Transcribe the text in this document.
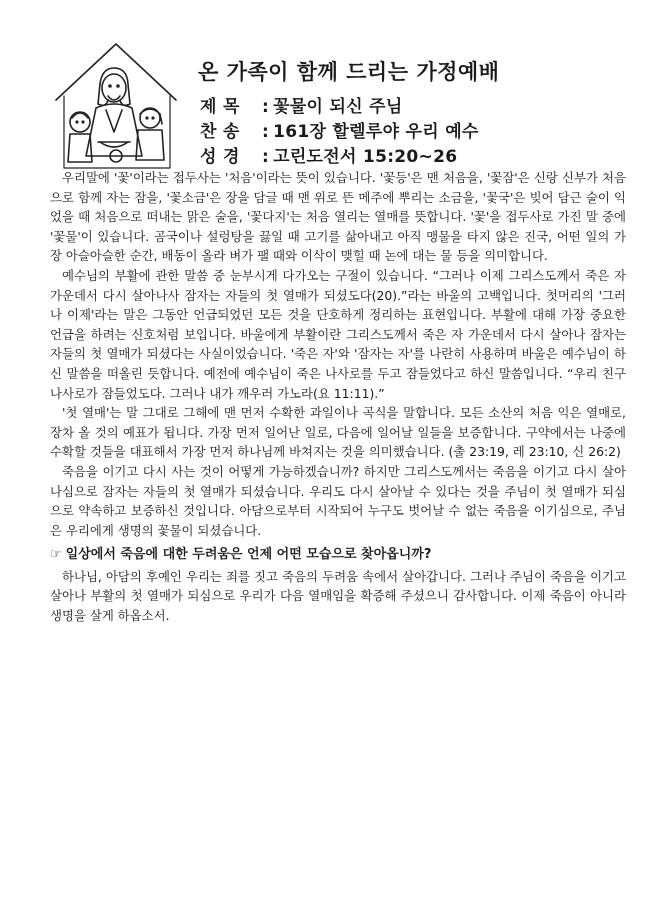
온 가족이 함께 드리는 가정예배
제 목 : 꽃물이 되신 주님
찬 송 : 161장 할렐루야 우리 예수
성 경 : 고린도전서 15:20~26

우리말에 '꽃'이라는 접두사는 '처음'이라는 뜻이 있습니다. '꽃등'은 맨 처음을, '꽃잠'은 신랑 신부가 처음으로 함께 자는 잠을, '꽃소금'은 장을 담글 때 맨 위로 뜬 메주에 뿌리는 소금을, '꽃국'은 빚어 담근 술이 익었을 때 처음으로 떠내는 맑은 술을, '꽃다지'는 처음 열리는 열매를 뜻합니다. '꽃'을 접두사로 가진 말 중에 '꽃물'이 있습니다. 곰국이나 설렁탕을 끓일 때 고기를 삶아내고 아직 맹물을 타지 않은 진국, 어떤 일의 가장 아슬아슬한 순간, 배동이 올라 벼가 팰 때와 이삭이 맺힐 때 논에 대는 물 등을 의미합니다.

예수님의 부활에 관한 말씀 중 눈부시게 다가오는 구절이 있습니다. “그러나 이제 그리스도께서 죽은 자 가운데서 다시 살아나사 잠자는 자들의 첫 열매가 되셨도다(20).”라는 바울의 고백입니다. 첫머리의 '그러나 이제'라는 말은 그동안 언급되었던 모든 것을 단호하게 정리하는 표현입니다. 부활에 대해 가장 중요한 언급을 하려는 신호처럼 보입니다. 바울에게 부활이란 그리스도께서 죽은 자 가운데서 다시 살아나 잠자는 자들의 첫 열매가 되셨다는 사실이었습니다. '죽은 자'와 '잠자는 자'를 나란히 사용하며 바울은 예수님이 하신 말씀을 떠올린 듯합니다. 예전에 예수님이 죽은 나사로를 두고 잠들었다고 하신 말씀입니다. “우리 친구 나사로가 잠들었도다. 그러나 내가 깨우러 가노라(요 11:11).”

'첫 열매'는 말 그대로 그해에 맨 먼저 수확한 과일이나 곡식을 말합니다. 모든 소산의 처음 익은 열매로, 장차 올 것의 예표가 됩니다. 가장 먼저 일어난 일로, 다음에 일어날 일들을 보증합니다. 구약에서는 나중에 수확할 것들을 대표해서 가장 먼저 하나님께 바쳐지는 것을 의미했습니다. (출 23:19, 레 23:10, 신 26:2)

죽음을 이기고 다시 사는 것이 어떻게 가능하겠습니까? 하지만 그리스도께서는 죽음을 이기고 다시 살아나심으로 잠자는 자들의 첫 열매가 되셨습니다. 우리도 다시 살아날 수 있다는 것을 주님이 첫 열매가 되심으로 약속하고 보증하신 것입니다. 아담으로부터 시작되어 누구도 벗어날 수 없는 죽음을 이기심으로, 주님은 우리에게 생명의 꽃물이 되셨습니다.

☞ 일상에서 죽음에 대한 두려움은 언제 어떤 모습으로 찾아옵니까?

하나님, 아담의 후예인 우리는 죄를 짓고 죽음의 두려움 속에서 살아갑니다. 그러나 주님이 죽음을 이기고 살아나 부활의 첫 열매가 되심으로 우리가 다음 열매임을 확증해 주셨으니 감사합니다. 이제 죽음이 아니라 생명을 살게 하옵소서.
